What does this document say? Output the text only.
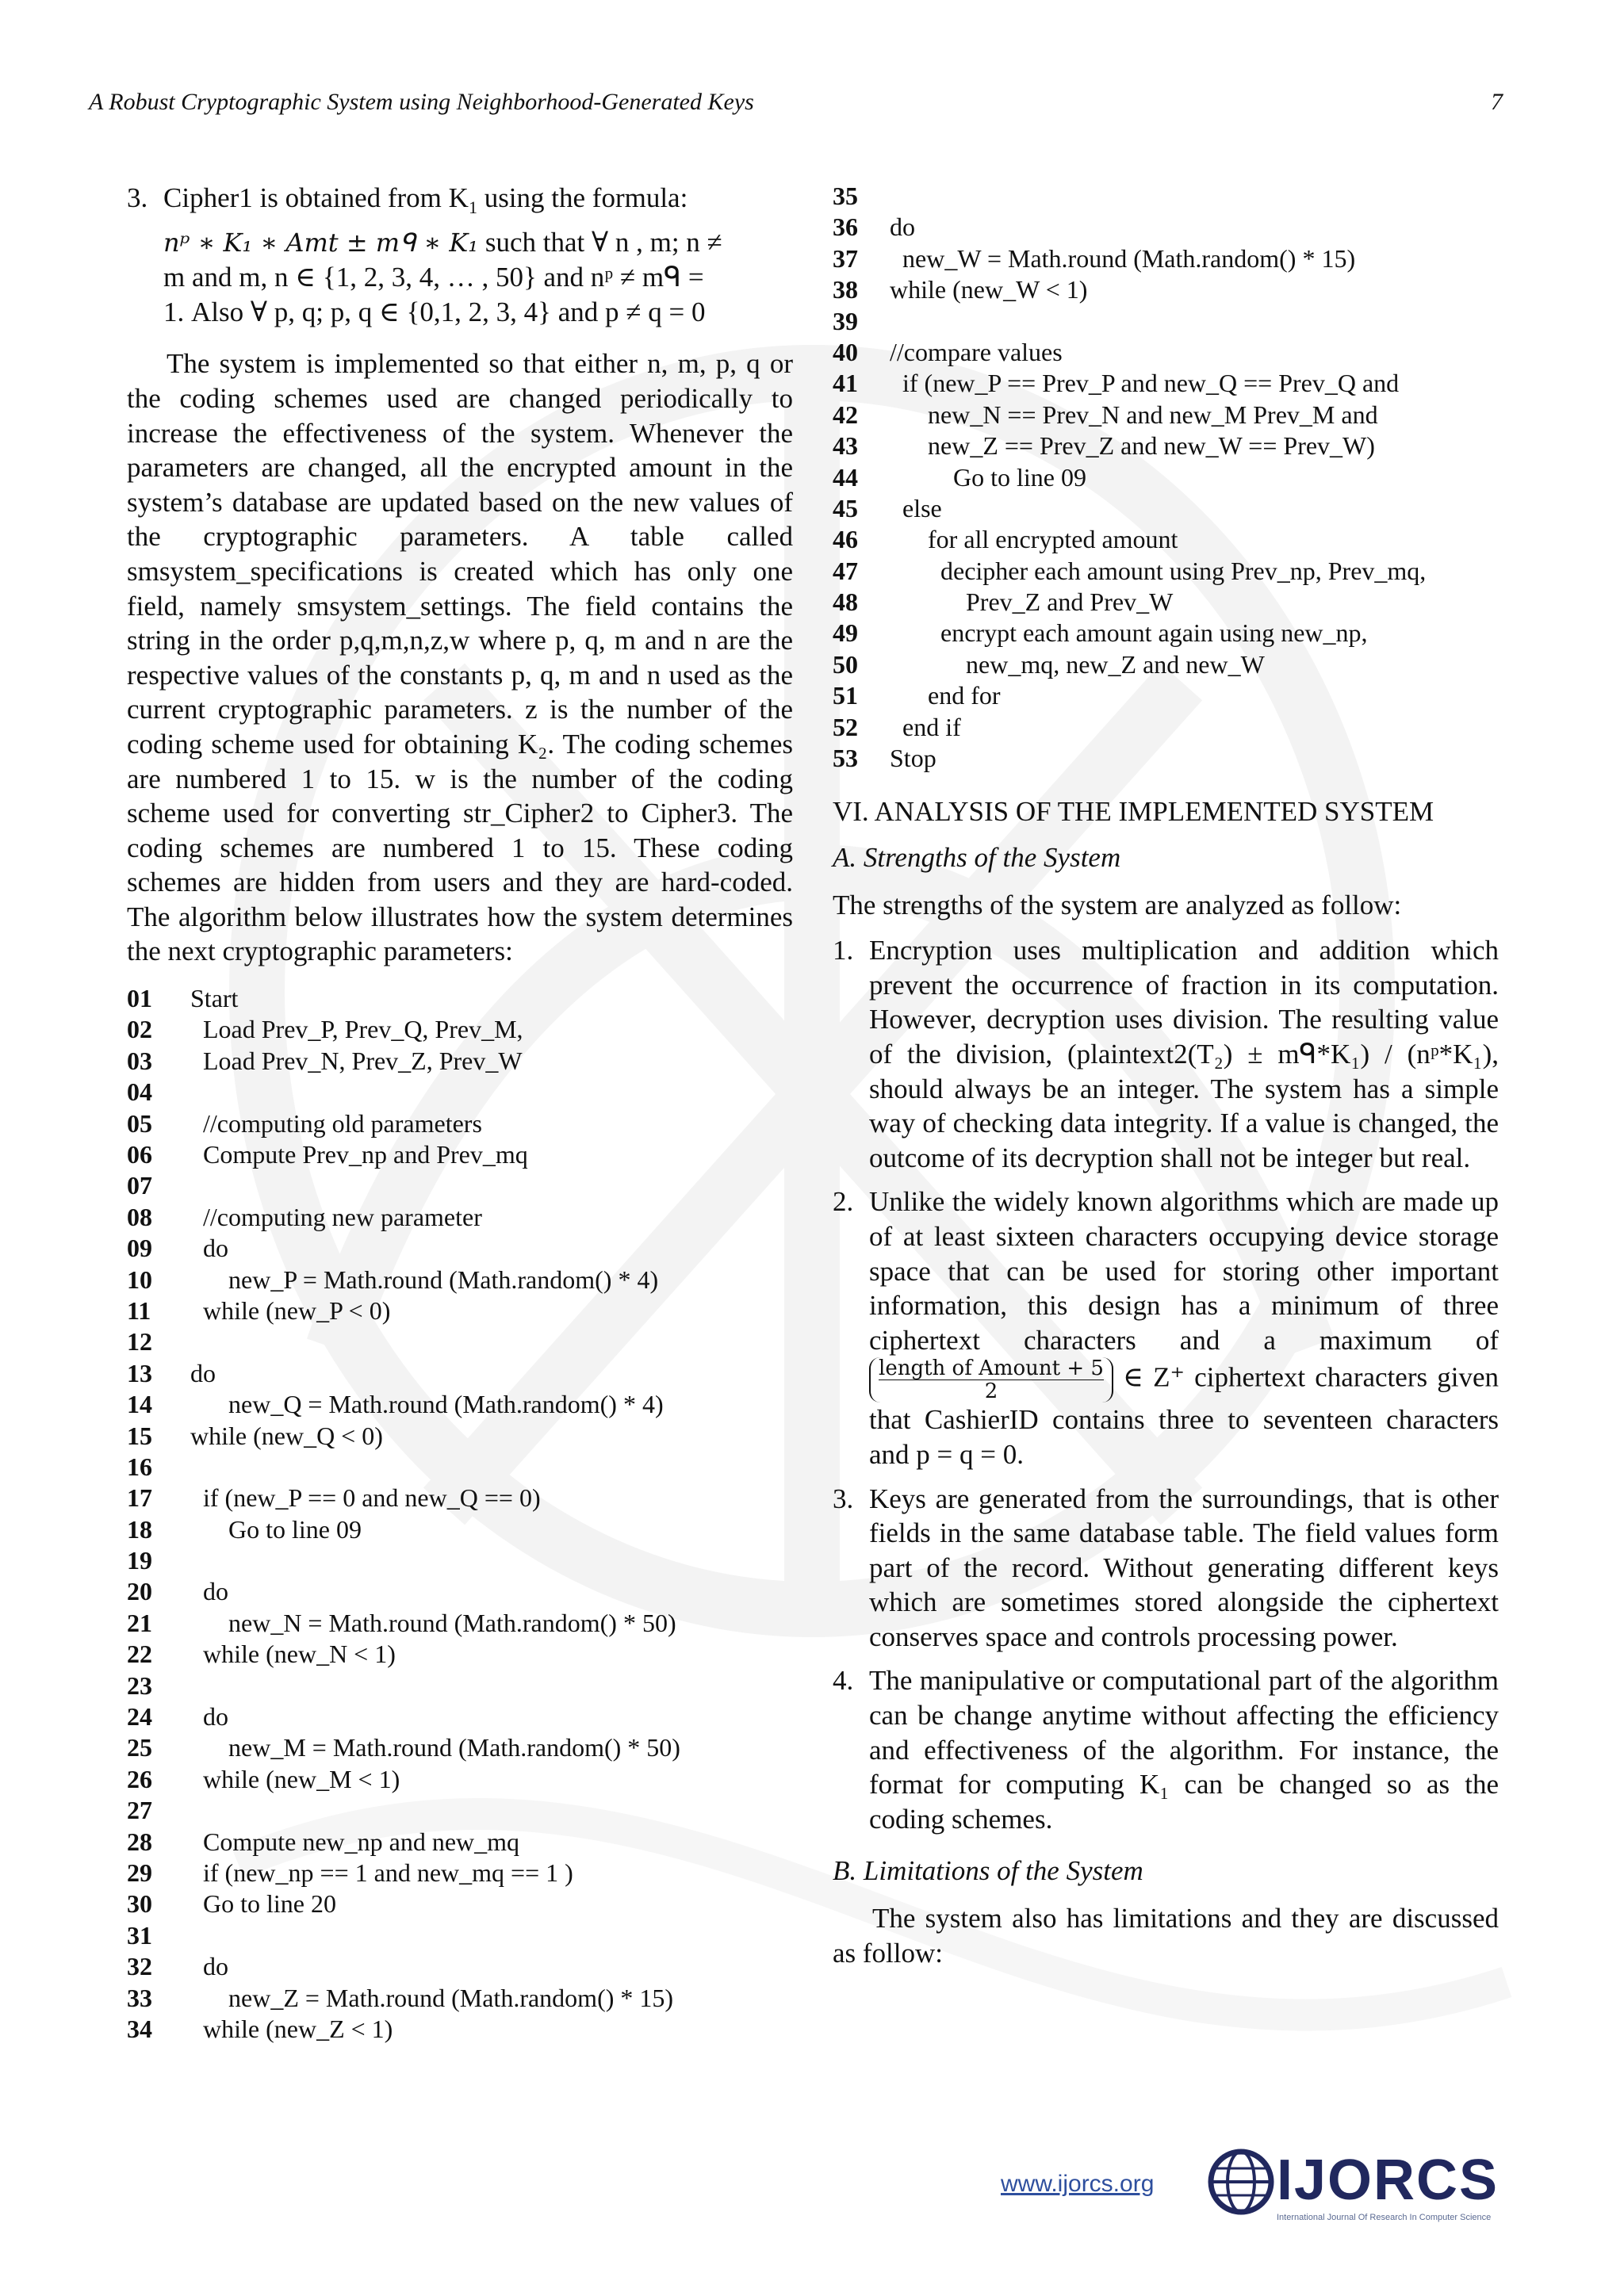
A Robust Cryptographic System using Neighborhood-Generated Keys	7
3. Cipher1 is obtained from $K_1$ using the formula:
nᵖ ∗ K₁ ∗ Amt ± mᑫ ∗ K₁ such that ∀ n , m; n ≠
m and m, n ∈ {1, 2, 3, 4, … , 50} and nᵖ ≠ mᑫ =
1. Also ∀ p, q; p, q ∈ {0,1, 2, 3, 4} and p ≠ q = 0

The system is implemented so that either n, m, p, q or the coding schemes used are changed periodically to increase the effectiveness of the system. Whenever the parameters are changed, all the encrypted amount in the system’s database are updated based on the new values of the cryptographic parameters. A table called smsystem_specifications is created which has only one field, namely smsystem_settings. The field contains the string in the order p,q,m,n,z,w where p, q, m and n are the respective values of the constants p, q, m and n used as the current cryptographic parameters. z is the number of the coding scheme used for obtaining K₂. The coding schemes are numbered 1 to 15. w is the number of the coding scheme used for converting str_Cipher2 to Cipher3. The coding schemes are numbered 1 to 15. These coding schemes are hidden from users and they are hard-coded. The algorithm below illustrates how the system determines the next cryptographic parameters:

01   Start
02     Load Prev_P, Prev_Q, Prev_M,
03     Load Prev_N, Prev_Z, Prev_W
04
05     //computing old parameters
06     Compute Prev_np and Prev_mq
07
08     //computing new parameter
09     do
10         new_P = Math.round (Math.random() * 4)
11     while (new_P < 0)
12
13   do
14         new_Q = Math.round (Math.random() * 4)
15   while (new_Q < 0)
16
17     if (new_P == 0 and new_Q == 0)
18         Go to line 09
19
20     do
21         new_N = Math.round (Math.random() * 50)
22     while (new_N < 1)
23
24     do
25         new_M = Math.round (Math.random() * 50)
26     while (new_M < 1)
27
28     Compute new_np and new_mq
29     if (new_np == 1 and new_mq == 1 )
30     Go to line 20
31
32     do
33         new_Z = Math.round (Math.random() * 15)
34     while (new_Z < 1)
35
36  do
37    new_W = Math.round (Math.random() * 15)
38  while (new_W < 1)
39
40  //compare values
41    if (new_P == Prev_P and new_Q == Prev_Q and
42        new_N == Prev_N and new_M Prev_M and
43        new_Z == Prev_Z and new_W == Prev_W)
44            Go to line 09
45    else
46        for all encrypted amount
47          decipher each amount using Prev_np, Prev_mq,
48              Prev_Z and Prev_W
49          encrypt each amount again using new_np,
50              new_mq, new_Z and new_W
51        end for
52    end if
53  Stop

VI. ANALYSIS OF THE IMPLEMENTED SYSTEM

A. Strengths of the System

The strengths of the system are analyzed as follow:

1. Encryption uses multiplication and addition which prevent the occurrence of fraction in its computation. However, decryption uses division. The resulting value of the division, (plaintext2(T₂) ± mᑫ*K₁) / (nᵖ*K₁), should always be an integer. The system has a simple way of checking data integrity. If a value is changed, the outcome of its decryption shall not be integer but real.
2. Unlike the widely known algorithms which are made up of at least sixteen characters occupying device storage space that can be used for storing other important information, this design has a minimum of three ciphertext characters and a maximum of
length of Amount + 5
2	∈ Z⁺ ciphertext characters given that CashierID contains three to seventeen characters and p = q = 0.
3. Keys are generated from the surroundings, that is other fields in the same database table. The field values form part of the record. Without generating different keys which are sometimes stored alongside the ciphertext conserves space and controls processing power.
4. The manipulative or computational part of the algorithm can be change anytime without affecting the efficiency and effectiveness of the algorithm. For instance, the format for computing K₁ can be changed so as the coding schemes.

B. Limitations of the System

The system also has limitations and they are discussed as follow:

www.ijorcs.org IJORCS
International Journal Of Research In Computer Science
